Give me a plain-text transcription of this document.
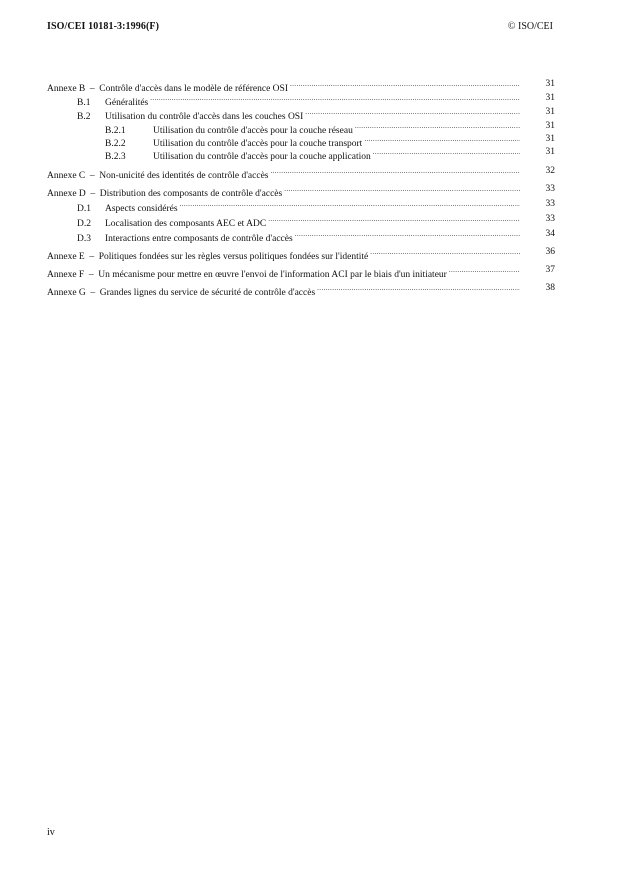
ISO/CEI 10181-3:1996(F)	© ISO/CEI
Annexe B – Contrôle d'accès dans le modèle de référence OSI .....	31
B.1	Généralités .....	31
B.2	Utilisation du contrôle d'accès dans les couches OSI .....	31
B.2.1	Utilisation du contrôle d'accès pour la couche réseau .....	31
B.2.2	Utilisation du contrôle d'accès pour la couche transport .....	31
B.2.3	Utilisation du contrôle d'accès pour la couche application .....	31
Annexe C – Non-unicité des identités de contrôle d'accès .....	32
Annexe D – Distribution des composants de contrôle d'accès .....	33
D.1	Aspects considérés .....	33
D.2	Localisation des composants AEC et ADC .....	33
D.3	Interactions entre composants de contrôle d'accès .....	34
Annexe E – Politiques fondées sur les règles versus politiques fondées sur l'identité .....	36
Annexe F – Un mécanisme pour mettre en œuvre l'envoi de l'information ACI par le biais d'un initiateur .....	37
Annexe G – Grandes lignes du service de sécurité de contrôle d'accès .....	38
iv
